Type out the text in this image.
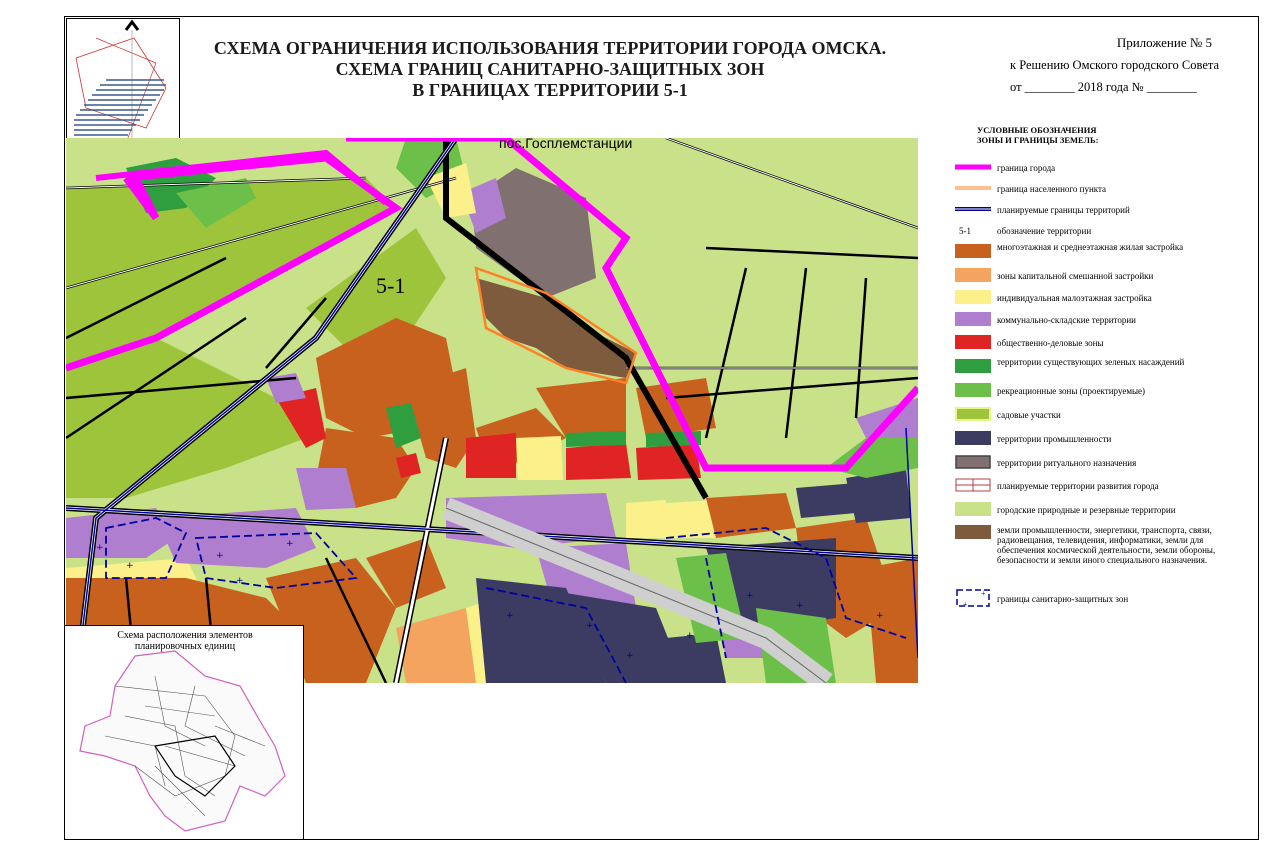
СХЕМА ОГРАНИЧЕНИЯ ИСПОЛЬЗОВАНИЯ ТЕРРИТОРИИ ГОРОДА ОМСКА.
СХЕМА ГРАНИЦ САНИТАРНО-ЗАЩИТНЫХ ЗОН
В ГРАНИЦАХ ТЕРРИТОРИИ 5-1
Приложение № 5
к Решению Омского городского Совета
от ________ 2018 года № ________
+
+
+
+
+
+
+
+
+
+
+
+
пос.Госплемстанции
5-1
УСЛОВНЫЕ ОБОЗНАЧЕНИЯ
ЗОНЫ И ГРАНИЦЫ ЗЕМЕЛЬ:
граница города
граница населенного пункта
планируемые границы территорий
5-1	обозначение территории
многоэтажная и среднеэтажная жилая застройка
зоны капитальной смешанной застройки
индивидуальная малоэтажная застройка
коммунально-складские территории
общественно-деловые зоны
территории существующих зеленых насаждений
рекреационные зоны (проектируемые)
садовые участки
территории промышленности
территории ритуального назначения
планируемые территории развития города
городские природные и резервные территории
земли промышленности, энергетики, транспорта, связи, радиовещания, телевидения, информатики, земли для обеспечения космической деятельности, земли обороны, безопасности и земли иного специального назначения.
+
+
границы санитарно-защитных зон
Схема расположения элементов
планировочных единиц
